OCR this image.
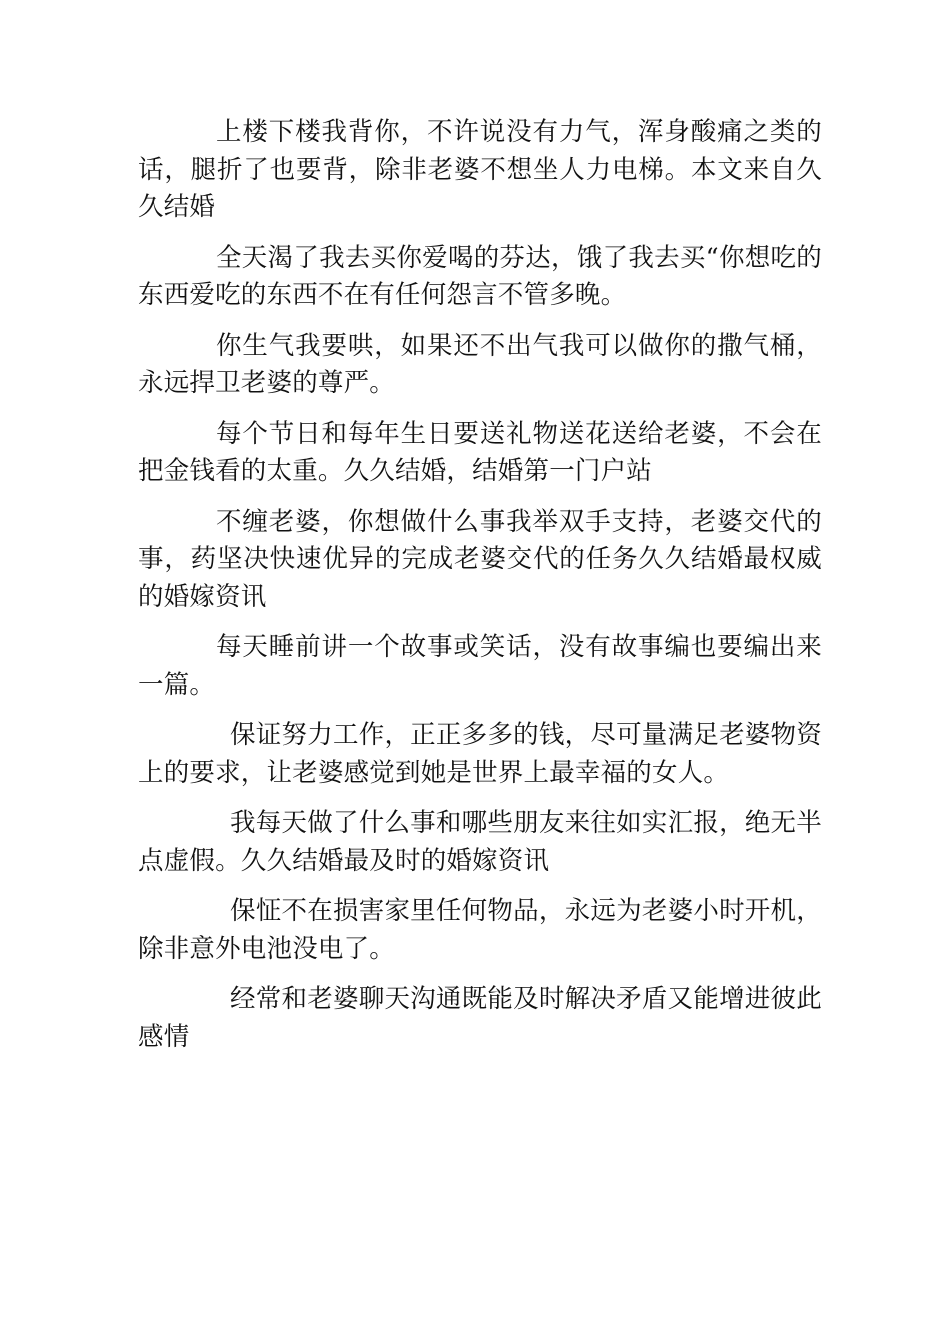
上楼下楼我背你，不许说没有力气，浑身酸痛之类的话，腿折了也要背，除非老婆不想坐人力电梯。本文来自久久结婚

全天渴了我去买你爱喝的芬达，饿了我去买“你想吃的东西爱吃的东西不在有任何怨言不管多晚。

你生气我要哄，如果还不出气我可以做你的撒气桶，永远捍卫老婆的尊严。

每个节日和每年生日要送礼物送花送给老婆，不会在把金钱看的太重。久久结婚，结婚第一门户站

不缠老婆，你想做什么事我举双手支持，老婆交代的事，药坚决快速优异的完成老婆交代的任务久久结婚最权威的婚嫁资讯

每天睡前讲一个故事或笑话，没有故事编也要编出来一篇。

保证努力工作，正正多多的钱，尽可量满足老婆物资上的要求，让老婆感觉到她是世界上最幸福的女人。

我每天做了什么事和哪些朋友来往如实汇报，绝无半点虚假。久久结婚最及时的婚嫁资讯

保怔不在损害家里任何物品，永远为老婆小时开机，除非意外电池没电了。

经常和老婆聊天沟通既能及时解决矛盾又能增进彼此感情
